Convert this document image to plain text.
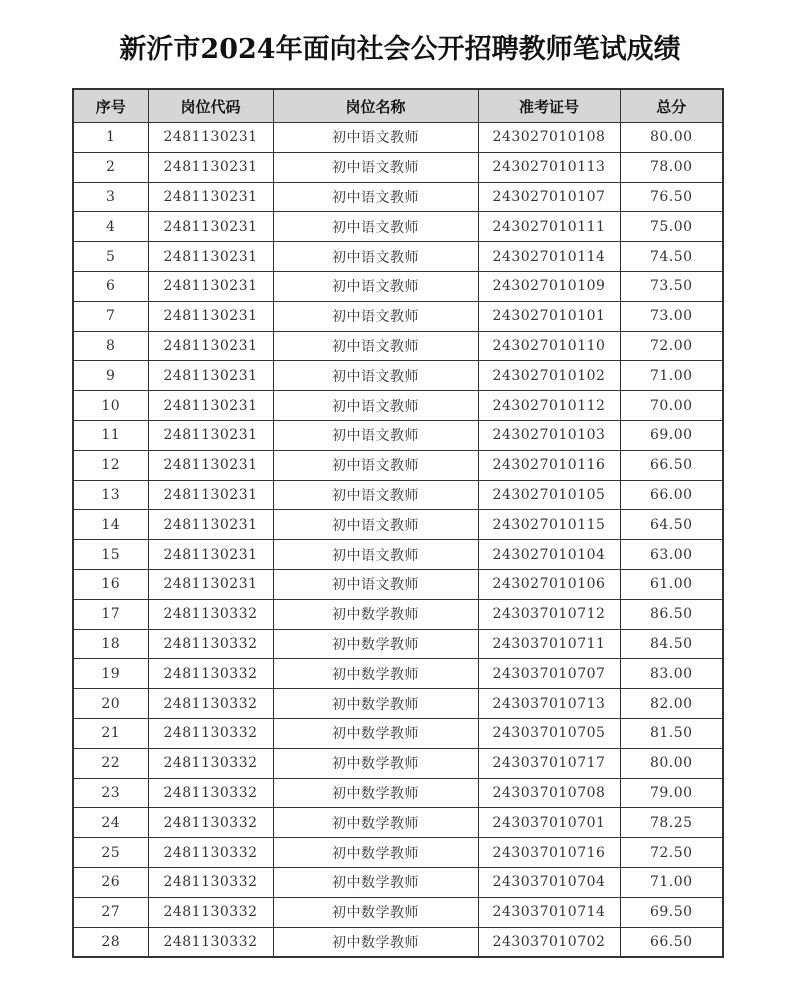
新沂市2024年面向社会公开招聘教师笔试成绩
序号	岗位代码	岗位名称	准考证号	总分
1	2481130231	初中语文教师	243027010108	80.00
2	2481130231	初中语文教师	243027010113	78.00
3	2481130231	初中语文教师	243027010107	76.50
4	2481130231	初中语文教师	243027010111	75.00
5	2481130231	初中语文教师	243027010114	74.50
6	2481130231	初中语文教师	243027010109	73.50
7	2481130231	初中语文教师	243027010101	73.00
8	2481130231	初中语文教师	243027010110	72.00
9	2481130231	初中语文教师	243027010102	71.00
10	2481130231	初中语文教师	243027010112	70.00
11	2481130231	初中语文教师	243027010103	69.00
12	2481130231	初中语文教师	243027010116	66.50
13	2481130231	初中语文教师	243027010105	66.00
14	2481130231	初中语文教师	243027010115	64.50
15	2481130231	初中语文教师	243027010104	63.00
16	2481130231	初中语文教师	243027010106	61.00
17	2481130332	初中数学教师	243037010712	86.50
18	2481130332	初中数学教师	243037010711	84.50
19	2481130332	初中数学教师	243037010707	83.00
20	2481130332	初中数学教师	243037010713	82.00
21	2481130332	初中数学教师	243037010705	81.50
22	2481130332	初中数学教师	243037010717	80.00
23	2481130332	初中数学教师	243037010708	79.00
24	2481130332	初中数学教师	243037010701	78.25
25	2481130332	初中数学教师	243037010716	72.50
26	2481130332	初中数学教师	243037010704	71.00
27	2481130332	初中数学教师	243037010714	69.50
28	2481130332	初中数学教师	243037010702	66.50
